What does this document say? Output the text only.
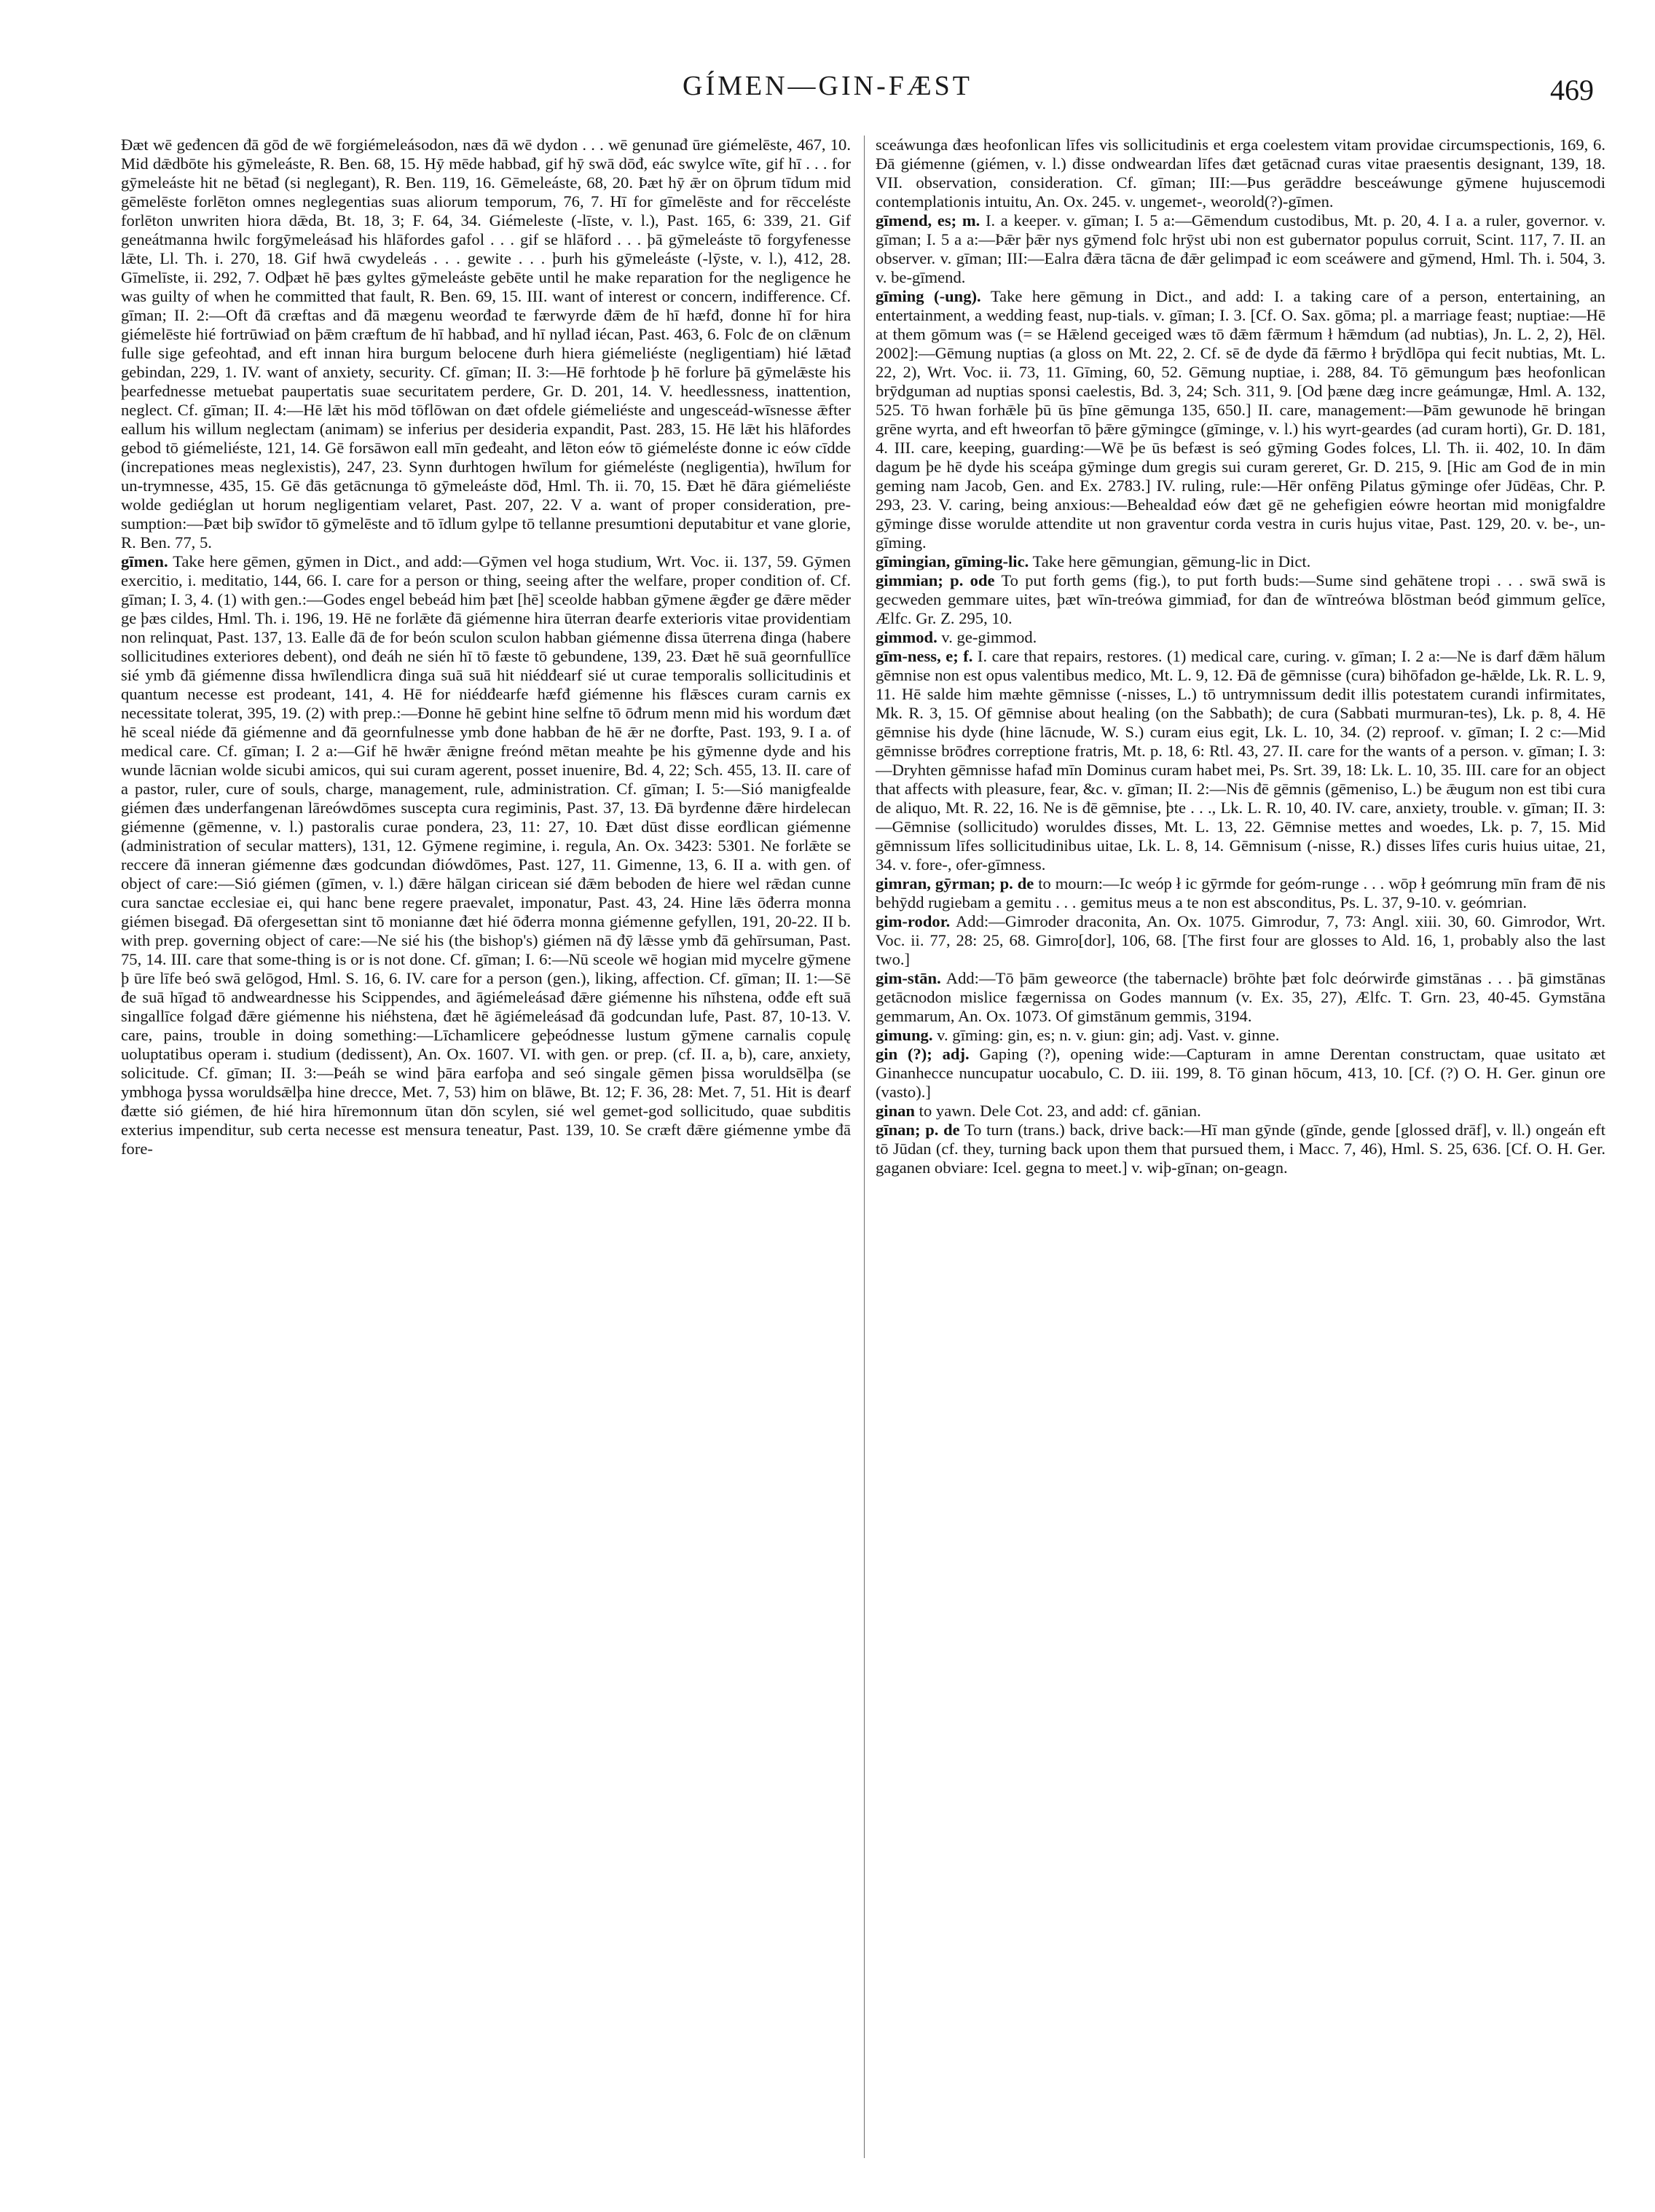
GÍMEN—GIN-FÆST	469

Ðæt wē geđencen đā gōd đe wē forgiémeleásodon, næs đā wē dydon . . . wē genunađ ūre giémelēste, 467, 10. Mid dǣdbōte his gȳmeleáste, R. Ben. 68, 15. Hȳ mēde habbađ, gif hȳ swā dōđ, eác swylce wīte, gif hī . . . for gȳmeleáste hit ne bētađ (si neglegant), R. Ben. 119, 16. Gēmeleáste, 68, 20. Þæt hȳ ǣr on ōþrum tīdum mid gēmelēste forlēton omnes neglegentias suas aliorum temporum, 76, 7. Hī for gīmelēste and for rēcceléste forlēton unwriten hiora dǣda, Bt. 18, 3; F. 64, 34. Giémeleste (-līste, v. l.), Past. 165, 6: 339, 21. Gif geneátmanna hwilc forgȳmeleásađ his hlāfordes gafol . . . gif se hlāford . . . þā gȳmeleáste tō forgyfenesse lǣte, Ll. Th. i. 270, 18. Gif hwā cwydeleás . . . gewite . . . þurh his gȳmeleáste (-lȳste, v. l.), 412, 28. Gīmelīste, ii. 292, 7. Odþæt hē þæs gyltes gȳmeleáste gebēte until he make reparation for the negligence he was guilty of when he committed that fault, R. Ben. 69, 15. III. want of interest or concern, indifference. Cf. gīman; II. 2:—Oft đā cræftas and đā mægenu weorđađ te færwyrde đǣm đe hī hæfđ, đonne hī for hira giémelēste hié fortrūwiađ on þǣm cræftum đe hī habbađ, and hī nyllađ iécan, Past. 463, 6. Folc đe on clǣnum fulle sige gefeohtađ, and eft innan hira burgum belocene đurh hiera giémeliéste (negligentiam) hié lǣtađ gebindan, 229, 1. IV. want of anxiety, security. Cf. gīman; II. 3:—Hē forhtode þ hē forlure þā gȳmelǣste his þearfednesse metuebat paupertatis suae securitatem perdere, Gr. D. 201, 14. V. heedlessness, inattention, neglect. Cf. gīman; II. 4:—Hē lǣt his mōd tōflōwan on đæt ofdele giémeliéste and ungesceád-wīsnesse ǣfter eallum his willum neglectam (animam) se inferius per desideria expandit, Past. 283, 15. Hē lǣt his hlāfordes gebod tō giémeliéste, 121, 14. Gē forsāwon eall mīn geđeaht, and lēton eów tō giémeléste đonne ic eów cīdde (increpationes meas neglexistis), 247, 23. Synn đurhtogen hwīlum for giémeléste (negligentia), hwīlum for un-trymnesse, 435, 15. Gē đās getācnunga tō gȳmeleáste dōđ, Hml. Th. ii. 70, 15. Đæt hē đāra giémeliéste wolde gediéglan ut horum negligentiam velaret, Past. 207, 22. V a. want of proper consideration, pre-sumption:—Þæt biþ swīđor tō gȳmelēste and tō īdlum gylpe tō tellanne presumtioni deputabitur et vane glorie, R. Ben. 77, 5.

gīmen. Take here gēmen, gȳmen in Dict., and add:—Gȳmen vel hoga studium, Wrt. Voc. ii. 137, 59. Gȳmen exercitio, i. meditatio, 144, 66. I. care for a person or thing, seeing after the welfare, proper condition of. Cf. gīman; I. 3, 4. (1) with gen.:—Godes engel bebeád him þæt [hē] sceolde habban gȳmene ǣgđer ge đǣre mēder ge þæs cildes, Hml. Th. i. 196, 19. Hē ne forlǣte đā giémenne hira ūterran đearfe exterioris vitae providentiam non relinquat, Past. 137, 13. Ealle đā đe for beón sculon sculon habban giémenne đissa ūterrena đinga (habere sollicitudines exteriores debent), ond đeáh ne sién hī tō fæste tō gebundene, 139, 23. Đæt hē suā geornfullīce sié ymb đā giémenne đissa hwīlendlicra đinga suā suā hit niédđearf sié ut curae temporalis sollicitudinis et quantum necesse est prodeant, 141, 4. Hē for niédđearfe hæfđ giémenne his flǣsces curam carnis ex necessitate tolerat, 395, 19. (2) with prep.:—Đonne hē gebint hine selfne tō ōđrum menn mid his wordum đæt hē sceal niéde đā giémenne and đā geornfulnesse ymb đone habban đe hē ǣr ne đorfte, Past. 193, 9. I a. of medical care. Cf. gīman; I. 2 a:—Gif hē hwǣr ǣnigne freónd mētan meahte þe his gȳmenne dyde and his wunde lācnian wolde sicubi amicos, qui sui curam agerent, posset inuenire, Bd. 4, 22; Sch. 455, 13. II. care of a pastor, ruler, cure of souls, charge, management, rule, administration. Cf. gīman; I. 5:—Sió manigfealde giémen đæs underfangenan lāreówdōmes suscepta cura regiminis, Past. 37, 13. Đā byrđenne đǣre hirdelecan giémenne (gēmenne, v. l.) pastoralis curae pondera, 23, 11: 27, 10. Đæt dūst đisse eorđlican giémenne (administration of secular matters), 131, 12. Gȳmene regimine, i. regula, An. Ox. 3423: 5301. Ne forlǣte se reccere đā inneran giémenne đæs godcundan điówdōmes, Past. 127, 11. Gimenne, 13, 6. II a. with gen. of object of care:—Sió giémen (gīmen, v. l.) đǣre hālgan ciricean sié đǣm beboden đe hiere wel rǣdan cunne cura sanctae ecclesiae ei, qui hanc bene regere praevalet, imponatur, Past. 43, 24. Hine lǣs ōđerra monna giémen bisegađ. Đā ofergesettan sint tō monianne đæt hié ōđerra monna giémenne gefyllen, 191, 20-22. II b. with prep. governing object of care:—Ne sié his (the bishop's) giémen nā đȳ lǣsse ymb đā gehīrsuman, Past. 75, 14. III. care that some-thing is or is not done. Cf. gīman; I. 6:—Nū sceole wē hogian mid mycelre gȳmene þ ūre līfe beó swā gelōgod, Hml. S. 16, 6. IV. care for a person (gen.), liking, affection. Cf. gīman; II. 1:—Sē đe suā hīgađ tō andweardnesse his Scippendes, and āgiémeleásađ đǣre giémenne his nīhstena, ođđe eft suā singallīce folgađ đǣre giémenne his niéhstena, đæt hē āgiémeleásađ đā godcundan lufe, Past. 87, 10-13. V. care, pains, trouble in doing something:—Līchamlicere geþeódnesse lustum gȳmene carnalis copulę uoluptatibus operam i. studium (dedissent), An. Ox. 1607. VI. with gen. or prep. (cf. II. a, b), care, anxiety, solicitude. Cf. gīman; II. 3:—Þeáh se wind þāra earfoþa and seó singale gēmen þissa woruldsēlþa (se ymbhoga þyssa woruldsǣlþa hine drecce, Met. 7, 53) him on blāwe, Bt. 12; F. 36, 28: Met. 7, 51. Hit is đearf đætte sió giémen, đe hié hira hīremonnum ūtan dōn scylen, sié wel gemet-god sollicitudo, quae subditis exterius impenditur, sub certa necesse est mensura teneatur, Past. 139, 10. Se cræft đǣre giémenne ymbe đā fore-

sceáwunga đæs heofonlican līfes vis sollicitudinis et erga coelestem vitam providae circumspectionis, 169, 6. Đā giémenne (giémen, v. l.) đisse ondweardan līfes đæt getācnađ curas vitae praesentis designant, 139, 18. VII. observation, consideration. Cf. gīman; III:—Þus gerāddre besceáwunge gȳmene hujuscemodi contemplationis intuitu, An. Ox. 245. v. ungemet-, weorold(?)-gīmen.

gīmend, es; m. I. a keeper. v. gīman; I. 5 a:—Gēmendum custodibus, Mt. p. 20, 4. I a. a ruler, governor. v. gīman; I. 5 a a:—Þǣr þǣr nys gȳmend folc hrȳst ubi non est gubernator populus corruit, Scint. 117, 7. II. an observer. v. gīman; III:—Ealra đǣra tācna đe đǣr gelimpađ ic eom sceáwere and gȳmend, Hml. Th. i. 504, 3. v. be-gīmend.

gīming (-ung). Take here gēmung in Dict., and add: I. a taking care of a person, entertaining, an entertainment, a wedding feast, nup-tials. v. gīman; I. 3. [Cf. O. Sax. gōma; pl. a marriage feast; nuptiae:—Hē at them gōmum was (= se Hǣlend geceiged wæs tō đǣm fǣrmum ł hǣmdum (ad nubtias), Jn. L. 2, 2), Hēl. 2002]:—Gēmung nuptias (a gloss on Mt. 22, 2. Cf. sē đe dyde đā fǣrmo ł brȳdlōpa qui fecit nubtias, Mt. L. 22, 2), Wrt. Voc. ii. 73, 11. Gīming, 60, 52. Gēmung nuptiae, i. 288, 84. Tō gēmungum þæs heofonlican brȳdguman ad nuptias sponsi caelestis, Bd. 3, 24; Sch. 311, 9. [Od þæne dæg incre geámungæ, Hml. A. 132, 525. Tō hwan forhǣle þū ūs þīne gēmunga 135, 650.] II. care, management:—Þām gewunode hē bringan grēne wyrta, and eft hweorfan tō þǣre gȳmingce (gīminge, v. l.) his wyrt-geardes (ad curam horti), Gr. D. 181, 4. III. care, keeping, guarding:—Wē þe ūs befæst is seó gȳming Godes folces, Ll. Th. ii. 402, 10. In đām dagum þe hē dyde his sceápa gȳminge dum gregis sui curam gereret, Gr. D. 215, 9. [Hic am God đe in min geming nam Jacob, Gen. and Ex. 2783.] IV. ruling, rule:—Hēr onfēng Pilatus gȳminge ofer Jūdēas, Chr. P. 293, 23. V. caring, being anxious:—Behealdađ eów đæt gē ne gehefigien eówre heortan mid monigfaldre gȳminge đisse woruldе attendite ut non graventur corda vestra in curis hujus vitae, Past. 129, 20. v. be-, un-gīming.

gīmingian, gīming-lic. Take here gēmungian, gēmung-lic in Dict.

gimmian; p. ode To put forth gems (fig.), to put forth buds:—Sume sind gehātene tropi . . . swā swā is gecweden gemmare uites, þæt wīn-treówa gimmiađ, for đan đe wīntreówa blōstman beóđ gimmum gelīce, Ælfc. Gr. Z. 295, 10.

gimmod. v. ge-gimmod.

gīm-ness, e; f. I. care that repairs, restores. (1) medical care, curing. v. gīman; I. 2 a:—Ne is đarf đǣm hālum gēmnise non est opus valentibus medico, Mt. L. 9, 12. Đā đe gēmnisse (cura) bihōfadon ge-hǣlde, Lk. R. L. 9, 11. Hē salde him mæhte gēmnisse (-nisses, L.) tō untrymnissum dedit illis potestatem curandi infirmitates, Mk. R. 3, 15. Of gēmnise about healing (on the Sabbath); de cura (Sabbati murmuran-tes), Lk. p. 8, 4. Hē gēmnise his dyde (hine lācnude, W. S.) curam eius egit, Lk. L. 10, 34. (2) reproof. v. gīman; I. 2 c:—Mid gēmnisse brōđres correptione fratris, Mt. p. 18, 6: Rtl. 43, 27. II. care for the wants of a person. v. gīman; I. 3:—Dryhten gēmnisse hafađ mīn Dominus curam habet mei, Ps. Srt. 39, 18: Lk. L. 10, 35. III. care for an object that affects with pleasure, fear, &c. v. gīman; II. 2:—Nis đē gēmnis (gēmeniso, L.) be ǣugum non est tibi cura de aliquo, Mt. R. 22, 16. Ne is đē gēmnise, þte . . ., Lk. L. R. 10, 40. IV. care, anxiety, trouble. v. gīman; II. 3:—Gēmnise (sollicitudo) woruldes đisses, Mt. L. 13, 22. Gēmnise mettes and woedes, Lk. p. 7, 15. Mid gēmnissum līfes sollicitudinibus uitae, Lk. L. 8, 14. Gēmnisum (-nisse, R.) đisses līfes curis huius uitae, 21, 34. v. fore-, ofer-gīmness.

gimran, gȳrman; p. de to mourn:—Ic weóp ł ic gȳrmde for geóm-runge . . . wōp ł geómrung mīn fram đē nis behȳdd rugiebam a gemitu . . . gemitus meus a te non est absconditus, Ps. L. 37, 9-10. v. geómrian.

gim-rodor. Add:—Gimroder draconita, An. Ox. 1075. Gimrodur, 7, 73: Angl. xiii. 30, 60. Gimrodor, Wrt. Voc. ii. 77, 28: 25, 68. Gimro[dor], 106, 68. [The first four are glosses to Ald. 16, 1, probably also the last two.]

gim-stān. Add:—Tō þām geweorce (the tabernacle) brōhte þæt folc deórwirđe gimstānas . . . þā gimstānas getācnodon mislice fægernissa on Godes mannum (v. Ex. 35, 27), Ælfc. T. Grn. 23, 40-45. Gymstāna gemmarum, An. Ox. 1073. Of gimstānum gemmis, 3194.

gimung. v. gīming: gin, es; n. v. giun: gin; adj. Vast. v. ginne.

gin (?); adj. Gaping (?), opening wide:—Capturam in amne Derentan constructam, quae usitato æt Ginanhecce nuncupatur uocabulo, C. D. iii. 199, 8. Tō ginan hōcum, 413, 10. [Cf. (?) O. H. Ger. ginun ore (vasto).]

ginan to yawn. Dele Cot. 23, and add: cf. gānian.

gīnan; p. de To turn (trans.) back, drive back:—Hī man gȳnde (gīnde, gende [glossed drāf], v. ll.) ongeán eft tō Jūdan (cf. they, turning back upon them that pursued them, i Macc. 7, 46), Hml. S. 25, 636. [Cf. O. H. Ger. gaganen obviare: Icel. gegna to meet.] v. wiþ-gīnan; on-geagn.
